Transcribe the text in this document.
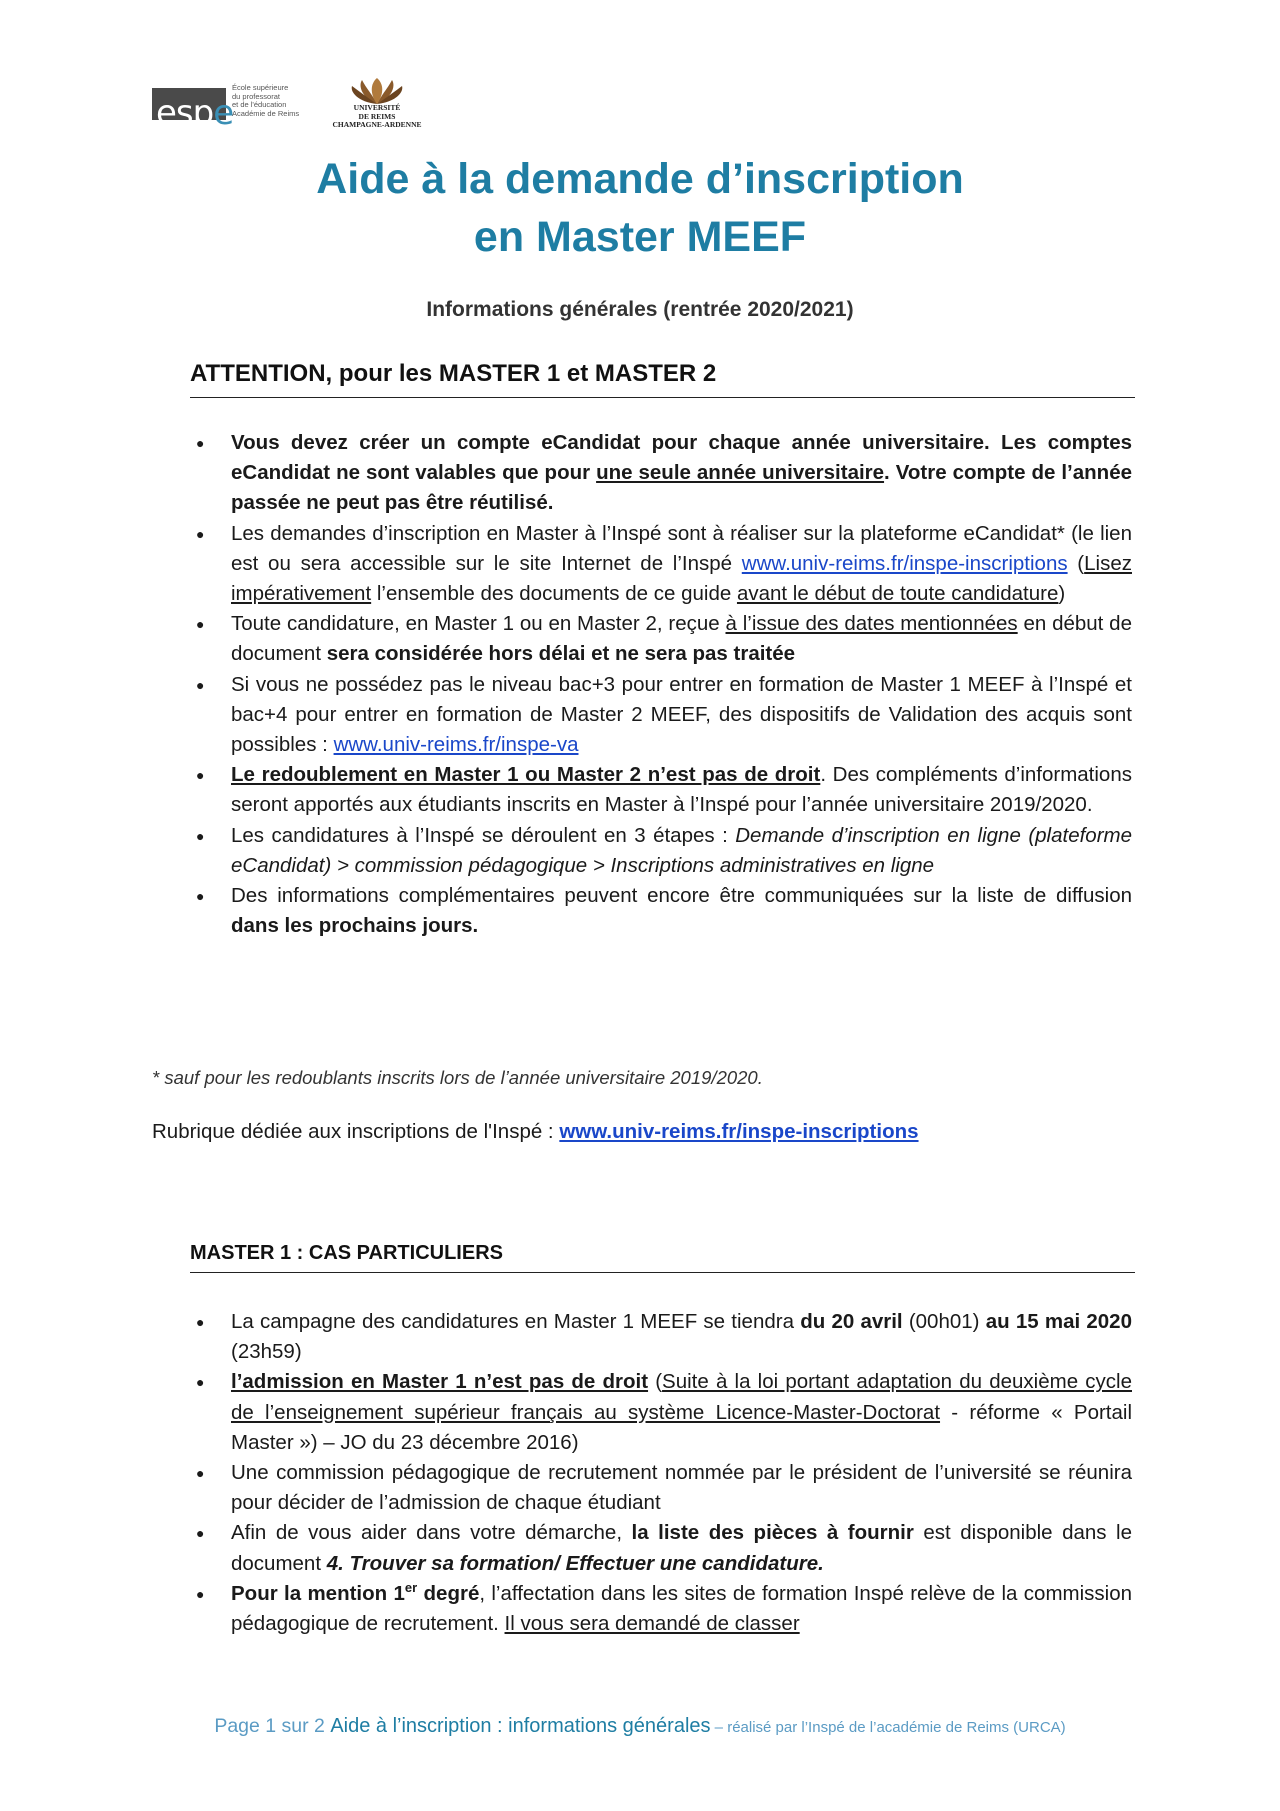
espe
École supérieure
du professorat
et de l'éducation
Académie de Reims
UNIVERSITÉ
DE REIMS
CHAMPAGNE-ARDENNE
Aide à la demande d’inscription
en Master MEEF
Informations générales (rentrée 2020/2021)
ATTENTION, pour les MASTER 1 et MASTER 2
● Vous devez créer un compte eCandidat pour chaque année universitaire. Les comptes eCandidat ne sont valables que pour une seule année universitaire. Votre compte de l’année passée ne peut pas être réutilisé.
● Les demandes d’inscription en Master à l’Inspé sont à réaliser sur la plateforme eCandidat* (le lien est ou sera accessible sur le site Internet de l’Inspé www.univ-reims.fr/inspe-inscriptions (Lisez impérativement l’ensemble des documents de ce guide avant le début de toute candidature)
● Toute candidature, en Master 1 ou en Master 2, reçue à l’issue des dates mentionnées en début de document sera considérée hors délai et ne sera pas traitée
● Si vous ne possédez pas le niveau bac+3 pour entrer en formation de Master 1 MEEF à l’Inspé et bac+4 pour entrer en formation de Master 2 MEEF, des dispositifs de Validation des acquis sont possibles : www.univ-reims.fr/inspe-va
● Le redoublement en Master 1 ou Master 2 n’est pas de droit. Des compléments d’informations seront apportés aux étudiants inscrits en Master à l’Inspé pour l’année universitaire 2019/2020.
● Les candidatures à l’Inspé se déroulent en 3 étapes : Demande d’inscription en ligne (plateforme eCandidat) > commission pédagogique > Inscriptions administratives en ligne
● Des informations complémentaires peuvent encore être communiquées sur la liste de diffusion dans les prochains jours.
* sauf pour les redoublants inscrits lors de l’année universitaire 2019/2020.
Rubrique dédiée aux inscriptions de l'Inspé : www.univ-reims.fr/inspe-inscriptions
MASTER 1 : CAS PARTICULIERS
● La campagne des candidatures en Master 1 MEEF se tiendra du 20 avril (00h01) au 15 mai 2020 (23h59)
● l’admission en Master 1 n’est pas de droit (Suite à la loi portant adaptation du deuxième cycle de l’enseignement supérieur français au système Licence-Master-Doctorat - réforme « Portail Master ») – JO du 23 décembre 2016)
● Une commission pédagogique de recrutement nommée par le président de l’université se réunira pour décider de l’admission de chaque étudiant
● Afin de vous aider dans votre démarche, la liste des pièces à fournir est disponible dans le document 4. Trouver sa formation/ Effectuer une candidature.
● Pour la mention 1er degré, l’affectation dans les sites de formation Inspé relève de la commission pédagogique de recrutement. Il vous sera demandé de classer
Page 1 sur 2 Aide à l’inscription : informations générales – réalisé par l’Inspé de l’académie de Reims (URCA)
